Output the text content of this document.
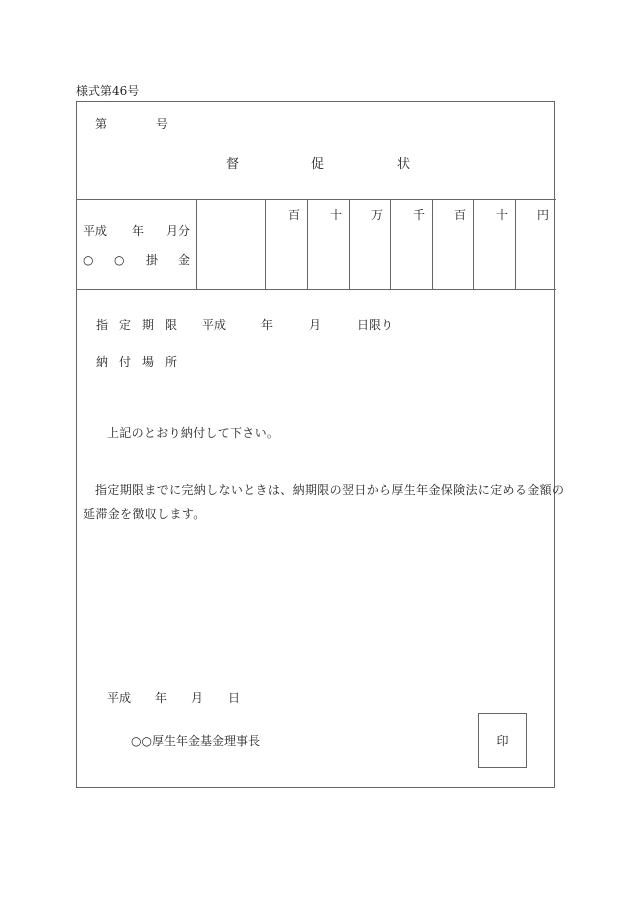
様式第46号
第	号
督	促	状
平成 年 月分
○ ○ 掛 金
百 十 万 千 百 十 円
指 定 期 限 平成	年	月	日限り
納 付 場 所
上記のとおり納付して下さい。
指定期限までに完納しないときは、納期限の翌日から厚生年金保険法に定める金額の
延滞金を徴収します。
平成 年 月 日
○○厚生年金基金理事長	印
